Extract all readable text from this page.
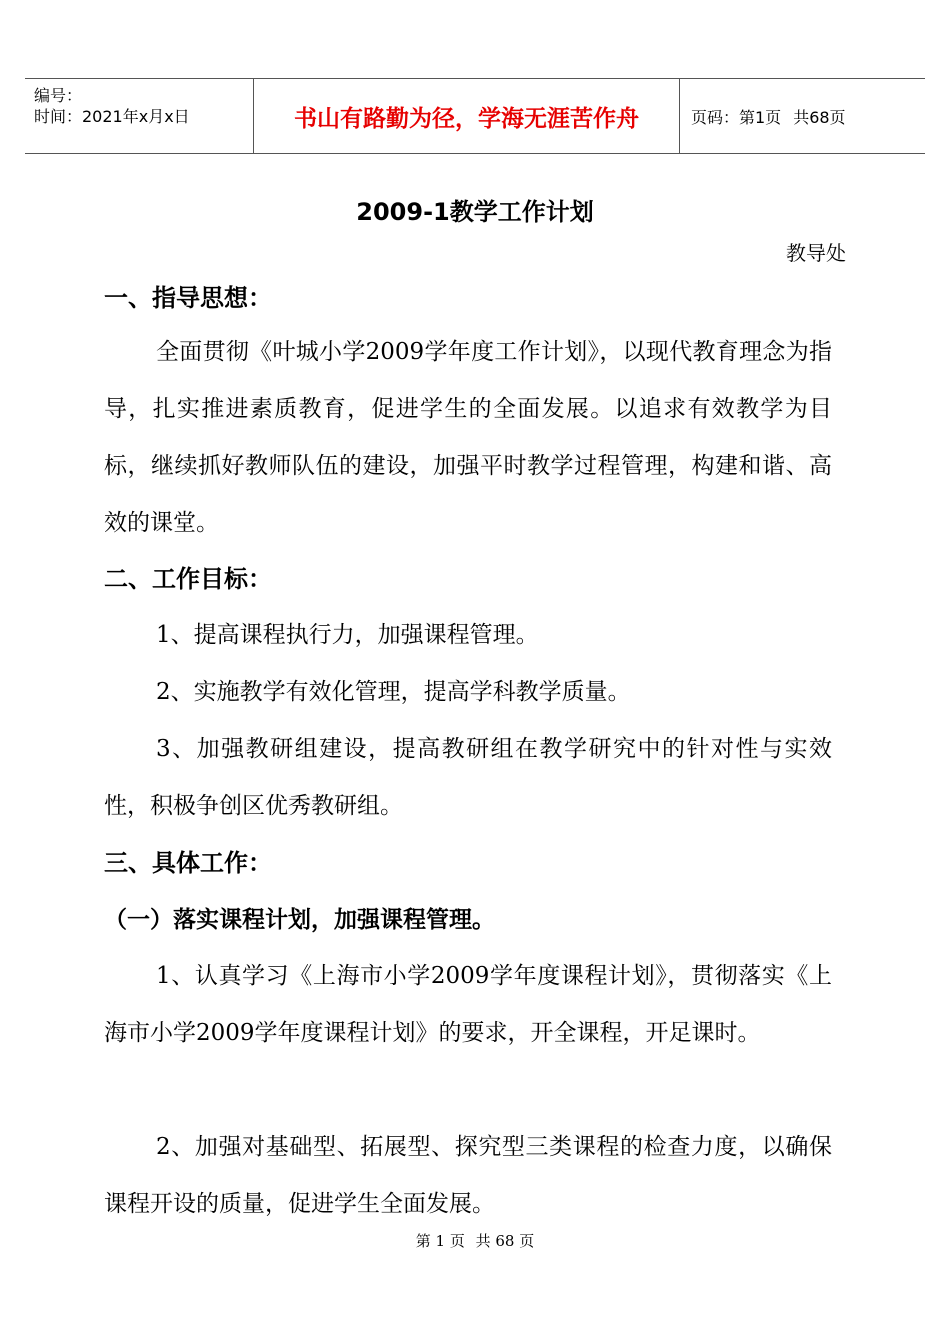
编号：
时间：2021年x月x日	书山有路勤为径，学海无涯苦作舟	页码：第1页 共68页
2009-1教学工作计划
教导处
一、指导思想：

全面贯彻《叶城小学2009学年度工作计划》，以现代教育理念为指导，扎实推进素质教育，促进学生的全面发展。以追求有效教学为目标，继续抓好教师队伍的建设，加强平时教学过程管理，构建和谐、高效的课堂。

二、工作目标：

1、提高课程执行力，加强课程管理。

2、实施教学有效化管理，提高学科教学质量。

3、加强教研组建设，提高教研组在教学研究中的针对性与实效性，积极争创区优秀教研组。

三、具体工作：
（一）落实课程计划，加强课程管理。

1、认真学习《上海市小学2009学年度课程计划》，贯彻落实《上海市小学2009学年度课程计划》的要求，开全课程，开足课时。

2、加强对基础型、拓展型、探究型三类课程的检查力度，以确保课程开设的质量，促进学生全面发展。

第 1 页 共 68 页
